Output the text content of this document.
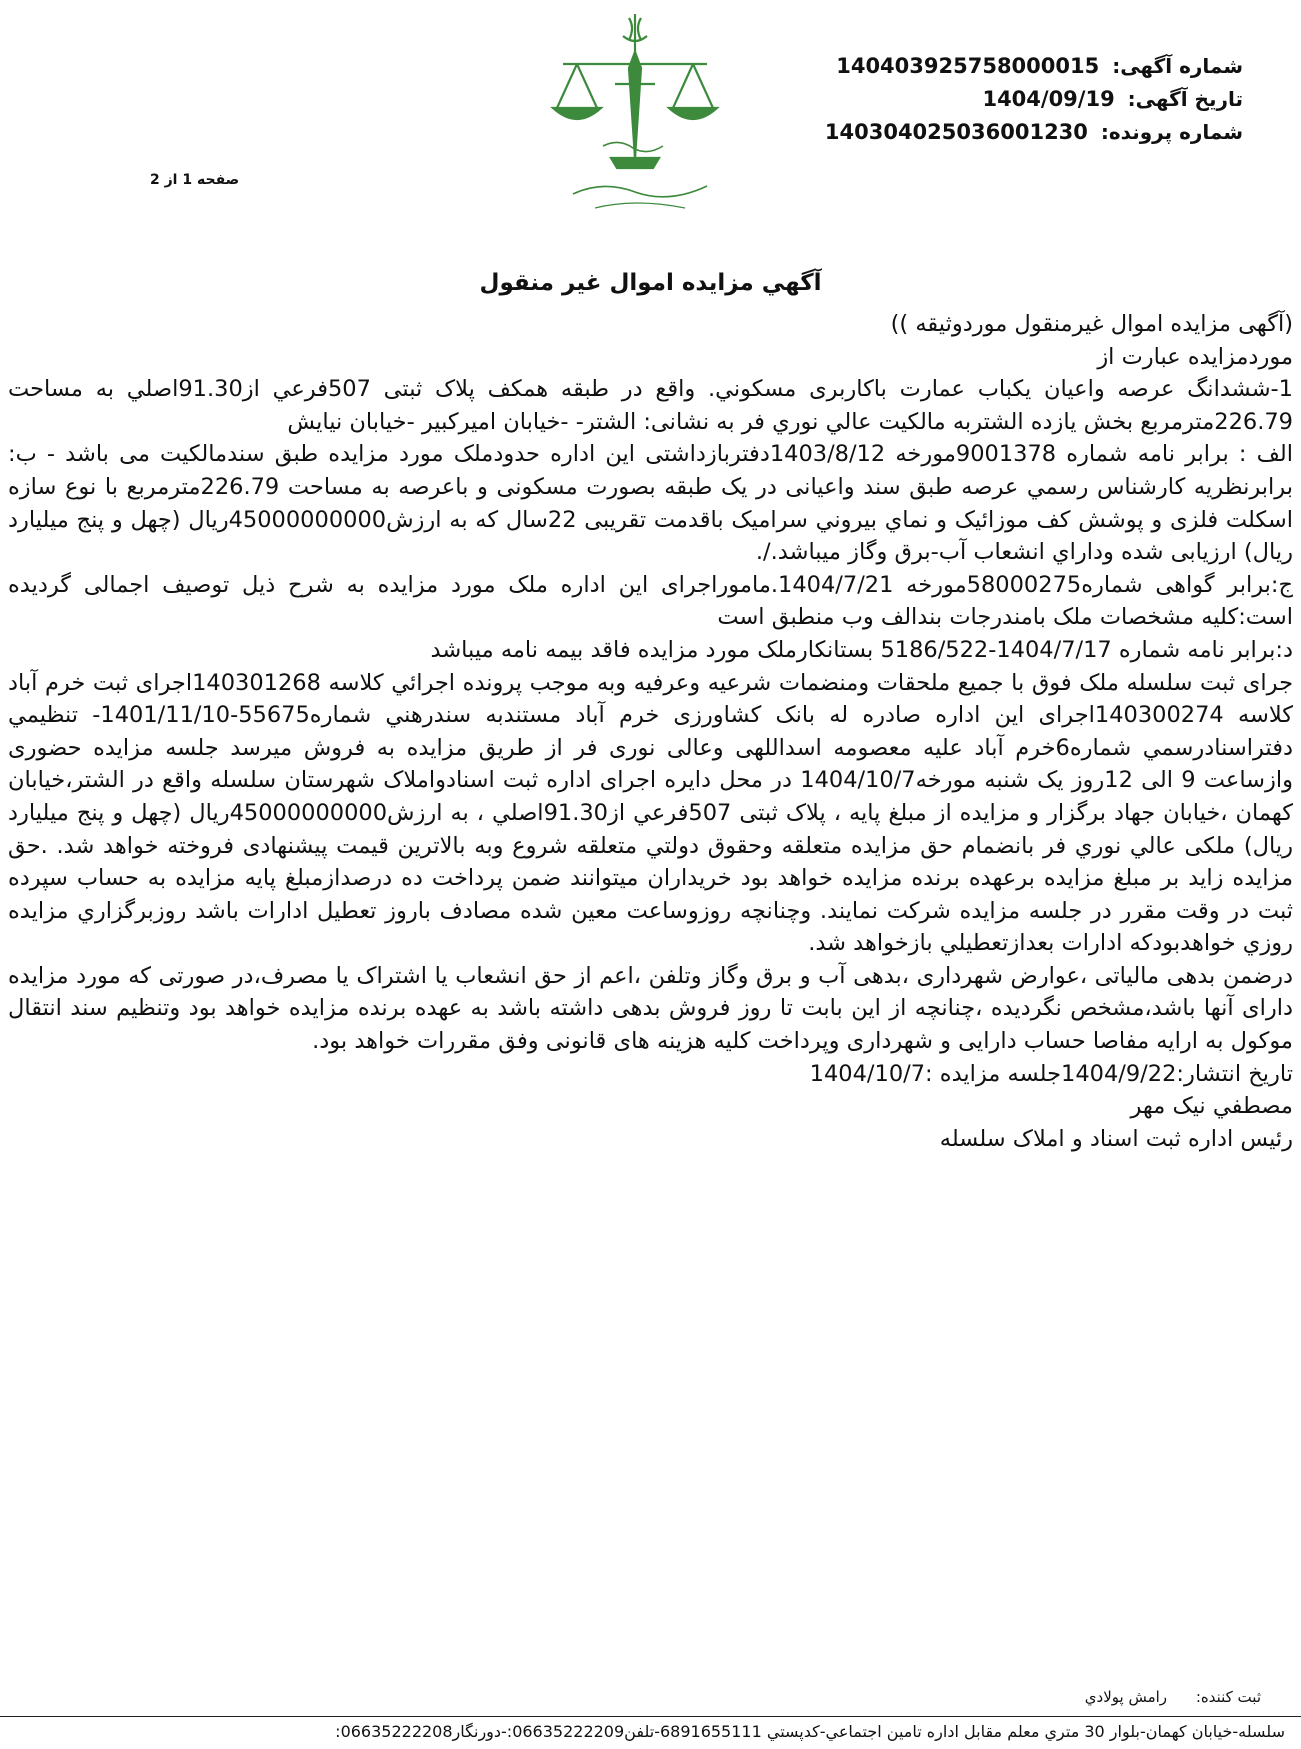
شماره آگهی: 140403925758000015
تاریخ آگهی: 1404/09/19
شماره پرونده: 140304025036001230
صفحه 1 از 2
آگهي مزايده اموال غير منقول

(آگهی مزایده اموال غیرمنقول موردوثیقه ))

موردمزایده عبارت از

1-ششدانگ عرصه واعیان یکباب عمارت باکاربری مسکوني. واقع در طبقه همکف پلاک ثبتی 507فرعي از91.30اصلي به مساحت 226.79مترمربع بخش یازده الشتربه مالکیت عالي نوري فر به نشانی: الشتر- -خیابان امیرکبیر -خیابان نیایش

الف : برابر نامه شماره 9001378مورخه 1403/8/12دفتربازداشتی این اداره حدودملک مورد مزایده طبق سندمالکیت می باشد - ب: برابرنظریه کارشناس رسمي عرصه طبق سند واعیانی در یک طبقه بصورت مسکونی و باعرصه به مساحت 226.79مترمربع با نوع سازه اسکلت فلزی و پوشش کف موزائیک و نماي بیروني سرامیک باقدمت تقریبی 22سال که به ارزش45000000000ریال (چهل و پنج میلیارد ریال) ارزیابی شده وداراي انشعاب آب-برق وگاز میباشد./.

ج:برابر گواهی شماره58000275مورخه 1404/7/21.ماموراجرای این اداره ملک مورد مزایده به شرح ذیل توصیف اجمالی گردیده است:کلیه مشخصات ملک بامندرجات بندالف وب منطبق است

د:برابر نامه شماره 1404/7/17-5186/522 بستانکارملک مورد مزایده فاقد بیمه نامه میباشد

جرای ثبت سلسله ملک فوق با جمیع ملحقات ومنضمات شرعیه وعرفیه وبه موجب پرونده اجرائي کلاسه 140301268اجرای ثبت خرم آباد کلاسه 140300274اجرای این اداره صادره له بانک کشاورزی خرم آباد مستندبه سندرهني شماره55675-1401/11/10- تنظیمي دفتراسنادرسمي شماره6خرم آباد علیه معصومه اسداللهی وعالی نوری فر از طریق مزایده به فروش میرسد جلسه مزایده حضوری وازساعت 9 الی 12روز یک شنبه مورخه1404/10/7 در محل دایره اجرای اداره ثبت اسنادواملاک شهرستان سلسله واقع در الشتر،خیابان کهمان ،خیابان جهاد برگزار و مزایده از مبلغ پایه ، پلاک ثبتی 507فرعي از91.30اصلي ، به ارزش45000000000ریال (چهل و پنج میلیارد ریال) ملکی عالي نوري فر بانضمام حق مزایده متعلقه وحقوق دولتي متعلقه شروع وبه بالاترین قیمت پیشنهادی فروخته خواهد شد. .حق مزایده زاید بر مبلغ مزایده برعهده برنده مزایده خواهد بود خریداران میتوانند ضمن پرداخت ده درصدازمبلغ پایه مزایده به حساب سپرده ثبت در وقت مقرر در جلسه مزایده شرکت نمایند. وچنانچه روزوساعت معین شده مصادف باروز تعطیل ادارات باشد روزبرگزاري مزایده روزي خواهدبودکه ادارات بعدازتعطیلي بازخواهد شد.

درضمن بدهی مالیاتی ،عوارض شهرداری ،بدهی آب و برق وگاز وتلفن ،اعم از حق انشعاب یا اشتراک یا مصرف،در صورتی که مورد مزایده دارای آنها باشد،مشخص نگردیده ،چنانچه از این بابت تا روز فروش بدهی داشته باشد به عهده برنده مزایده خواهد بود وتنظیم سند انتقال موکول به ارایه مفاصا حساب دارایی و شهرداری وپرداخت کلیه هزینه های قانونی وفق مقررات خواهد بود.

تاریخ انتشار:1404/9/22جلسه مزایده :1404/10/7

مصطفي نیک مهر

رئیس اداره ثبت اسناد و املاک سلسله

ثبت کننده: رامش پولادي
سلسله-خیابان کهمان-بلوار 30 متري معلم مقابل اداره تامین اجتماعي-کدپستي 6891655111-تلفن06635222209:-دورنگار06635222208:
